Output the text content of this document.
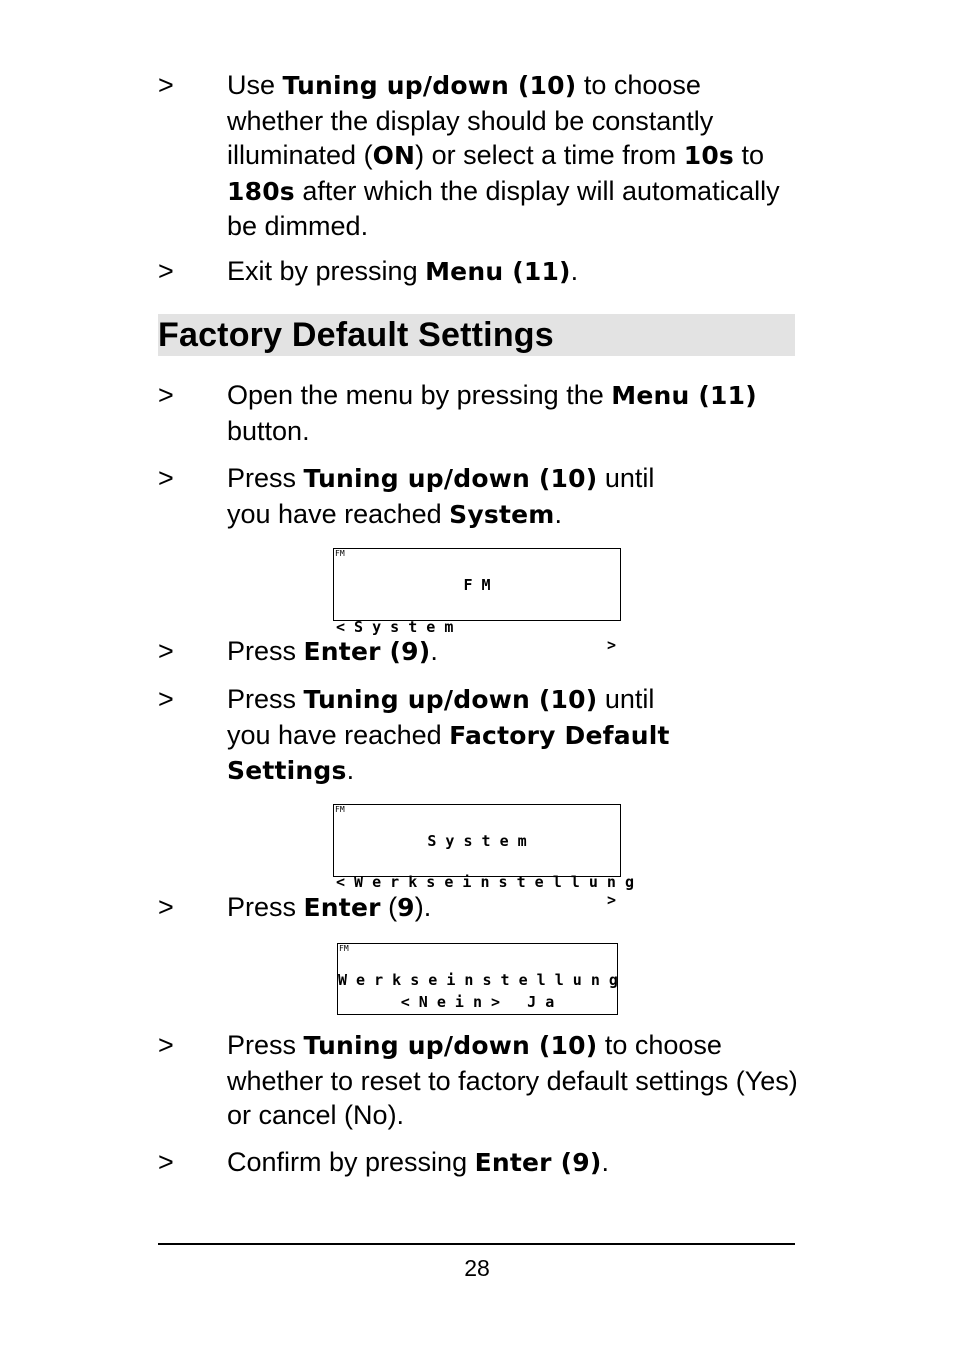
>	Use Tuning up/down (10) to choose whether the display should be constantly illuminated (ON) or select a time from 10s to 180s after which the display will automatically be dimmed.
>	Exit by pressing Menu (11).
Factory Default Settings
>	Open the menu by pressing the Menu (11) button.
>	Press Tuning up/down (10) until
you have reached System.
FM
F M

< S y s t e m

>

>	Press Enter (9).
>	Press Tuning up/down (10) until
you have reached Factory Default Settings.
FM
S y s t e m

< W e r k s e i n s t e l l u n g

>

>	Press Enter (9).
FM
W e r k s e i n s t e l l u n g
< N e i n >   J a
>	Press Tuning up/down (10) to choose whether to reset to factory default settings (Yes) or cancel (No).
>	Confirm by pressing Enter (9).
28
